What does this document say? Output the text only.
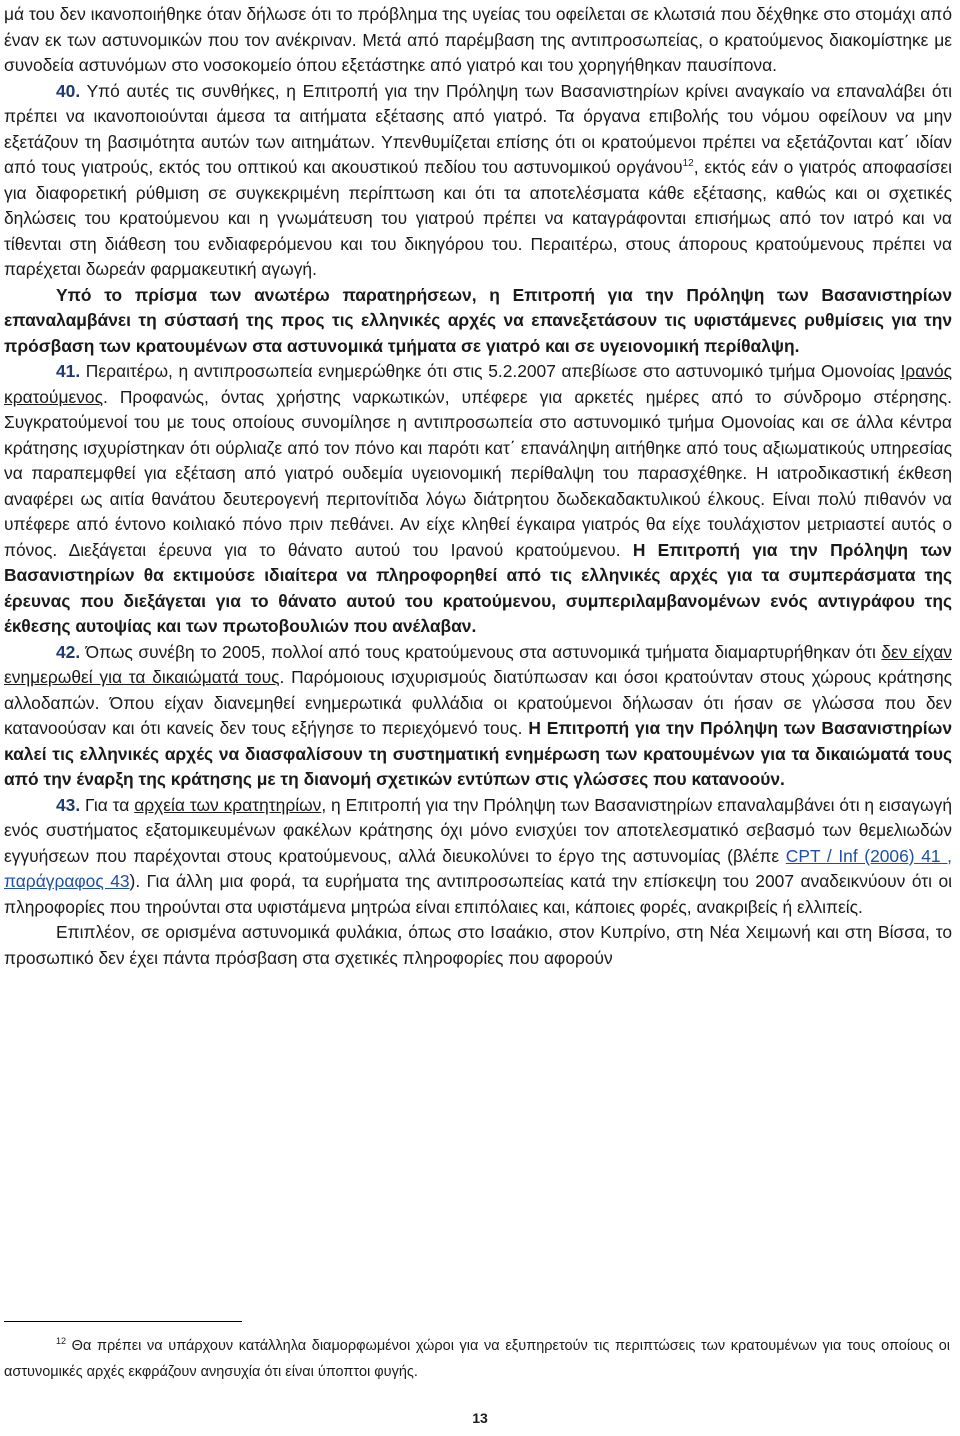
μά του δεν ικανοποιήθηκε όταν δήλωσε ότι το πρόβλημα της υγείας του οφείλεται σε κλωτσιά που δέχθηκε στο στομάχι από έναν εκ των αστυνομικών που τον ανέκριναν. Μετά από παρέμβαση της αντιπροσωπείας, ο κρατούμενος διακομίστηκε με συνοδεία αστυνόμων στο νοσοκομείο όπου εξετάστηκε από γιατρό και του χορηγήθηκαν παυσίπονα.

40. Υπό αυτές τις συνθήκες, η Επιτροπή για την Πρόληψη των Βασανιστηρίων κρίνει αναγκαίο να επαναλάβει ότι πρέπει να ικανοποιούνται άμεσα τα αιτήματα εξέτασης από γιατρό. Τα όργανα επιβολής του νόμου οφείλουν να μην εξετάζουν τη βασιμότητα αυτών των αιτημάτων. Υπενθυμίζεται επίσης ότι οι κρατούμενοι πρέπει να εξετάζονται κατ΄ ιδίαν από τους γιατρούς, εκτός του οπτικού και ακουστικού πεδίου του αστυνομικού οργάνου$^{12}$, εκτός εάν ο γιατρός αποφασίσει για διαφορετική ρύθμιση σε συγκεκριμένη περίπτωση και ότι τα αποτελέσματα κάθε εξέτασης, καθώς και οι σχετικές δηλώσεις του κρατούμενου και η γνωμάτευση του γιατρού πρέπει να καταγράφονται επισήμως από τον ιατρό και να τίθενται στη διάθεση του ενδιαφερόμενου και του δικηγόρου του. Περαιτέρω, στους άπορους κρατούμενους πρέπει να παρέχεται δωρεάν φαρμακευτική αγωγή.

Υπό το πρίσμα των ανωτέρω παρατηρήσεων, η Επιτροπή για την Πρόληψη των Βασανιστηρίων επαναλαμβάνει τη σύστασή της προς τις ελληνικές αρχές να επανεξετάσουν τις υφιστάμενες ρυθμίσεις για την πρόσβαση των κρατουμένων στα αστυνομικά τμήματα σε γιατρό και σε υγειονομική περίθαλψη.

41. Περαιτέρω, η αντιπροσωπεία ενημερώθηκε ότι στις 5.2.2007 απεβίωσε στο αστυνομικό τμήμα Ομονοίας Ιρανός κρατούμενος. Προφανώς, όντας χρήστης ναρκωτικών, υπέφερε για αρκετές ημέρες από το σύνδρομο στέρησης. Συγκρατούμενοί του με τους οποίους συνομίλησε η αντιπροσωπεία στο αστυνομικό τμήμα Ομονοίας και σε άλλα κέντρα κράτησης ισχυρίστηκαν ότι ούρλιαζε από τον πόνο και παρότι κατ΄ επανάληψη αιτήθηκε από τους αξιωματικούς υπηρεσίας να παραπεμφθεί για εξέταση από γιατρό ουδεμία υγειονομική περίθαλψη του παρασχέθηκε. Η ιατροδικαστική έκθεση αναφέρει ως αιτία θανάτου δευτερογενή περιτονίτιδα λόγω διάτρητου δωδεκαδακτυλικού έλκους. Είναι πολύ πιθανόν να υπέφερε από έντονο κοιλιακό πόνο πριν πεθάνει. Αν είχε κληθεί έγκαιρα γιατρός θα είχε τουλάχιστον μετριαστεί αυτός ο πόνος. Διεξάγεται έρευνα για το θάνατο αυτού του Ιρανού κρατούμενου. Η Επιτροπή για την Πρόληψη των Βασανιστηρίων θα εκτιμούσε ιδιαίτερα να πληροφορηθεί από τις ελληνικές αρχές για τα συμπεράσματα της έρευνας που διεξάγεται για το θάνατο αυτού του κρατούμενου, συμπεριλαμβανομένων ενός αντιγράφου της έκθεσης αυτοψίας και των πρωτοβουλιών που ανέλαβαν.

42. Όπως συνέβη το 2005, πολλοί από τους κρατούμενους στα αστυνομικά τμήματα διαμαρτυρήθηκαν ότι δεν είχαν ενημερωθεί για τα δικαιώματά τους. Παρόμοιους ισχυρισμούς διατύπωσαν και όσοι κρατούνταν στους χώρους κράτησης αλλοδαπών. Όπου είχαν διανεμηθεί ενημερωτικά φυλλάδια οι κρατούμενοι δήλωσαν ότι ήσαν σε γλώσσα που δεν κατανοούσαν και ότι κανείς δεν τους εξήγησε το περιεχόμενό τους. Η Επιτροπή για την Πρόληψη των Βασανιστηρίων καλεί τις ελληνικές αρχές να διασφαλίσουν τη συστηματική ενημέρωση των κρατουμένων για τα δικαιώματά τους από την έναρξη της κράτησης με τη διανομή σχετικών εντύπων στις γλώσσες που κατανοούν.

43. Για τα αρχεία των κρατητηρίων, η Επιτροπή για την Πρόληψη των Βασανιστηρίων επαναλαμβάνει ότι η εισαγωγή ενός συστήματος εξατομικευμένων φακέλων κράτησης όχι μόνο ενισχύει τον αποτελεσματικό σεβασμό των θεμελιωδών εγγυήσεων που παρέχονται στους κρατούμενους, αλλά διευκολύνει το έργο της αστυνομίας (βλέπε CPT / Inf (2006) 41 , παράγραφος 43). Για άλλη μια φορά, τα ευρήματα της αντιπροσωπείας κατά την επίσκεψη του 2007 αναδεικνύουν ότι οι πληροφορίες που τηρούνται στα υφιστάμενα μητρώα είναι επιπόλαιες και, κάποιες φορές, ανακριβείς ή ελλιπείς.

Επιπλέον, σε ορισμένα αστυνομικά φυλάκια, όπως στο Ισαάκιο, στον Κυπρίνο, στη Νέα Χειμωνή και στη Βίσσα, το προσωπικό δεν έχει πάντα πρόσβαση στα σχετικές πληροφορίες που αφορούν

$^{12}$ Θα πρέπει να υπάρχουν κατάλληλα διαμορφωμένοι χώροι για να εξυπηρετούν τις περιπτώσεις των κρατουμένων για τους οποίους οι αστυνομικές αρχές εκφράζουν ανησυχία ότι είναι ύποπτοι φυγής.

13
